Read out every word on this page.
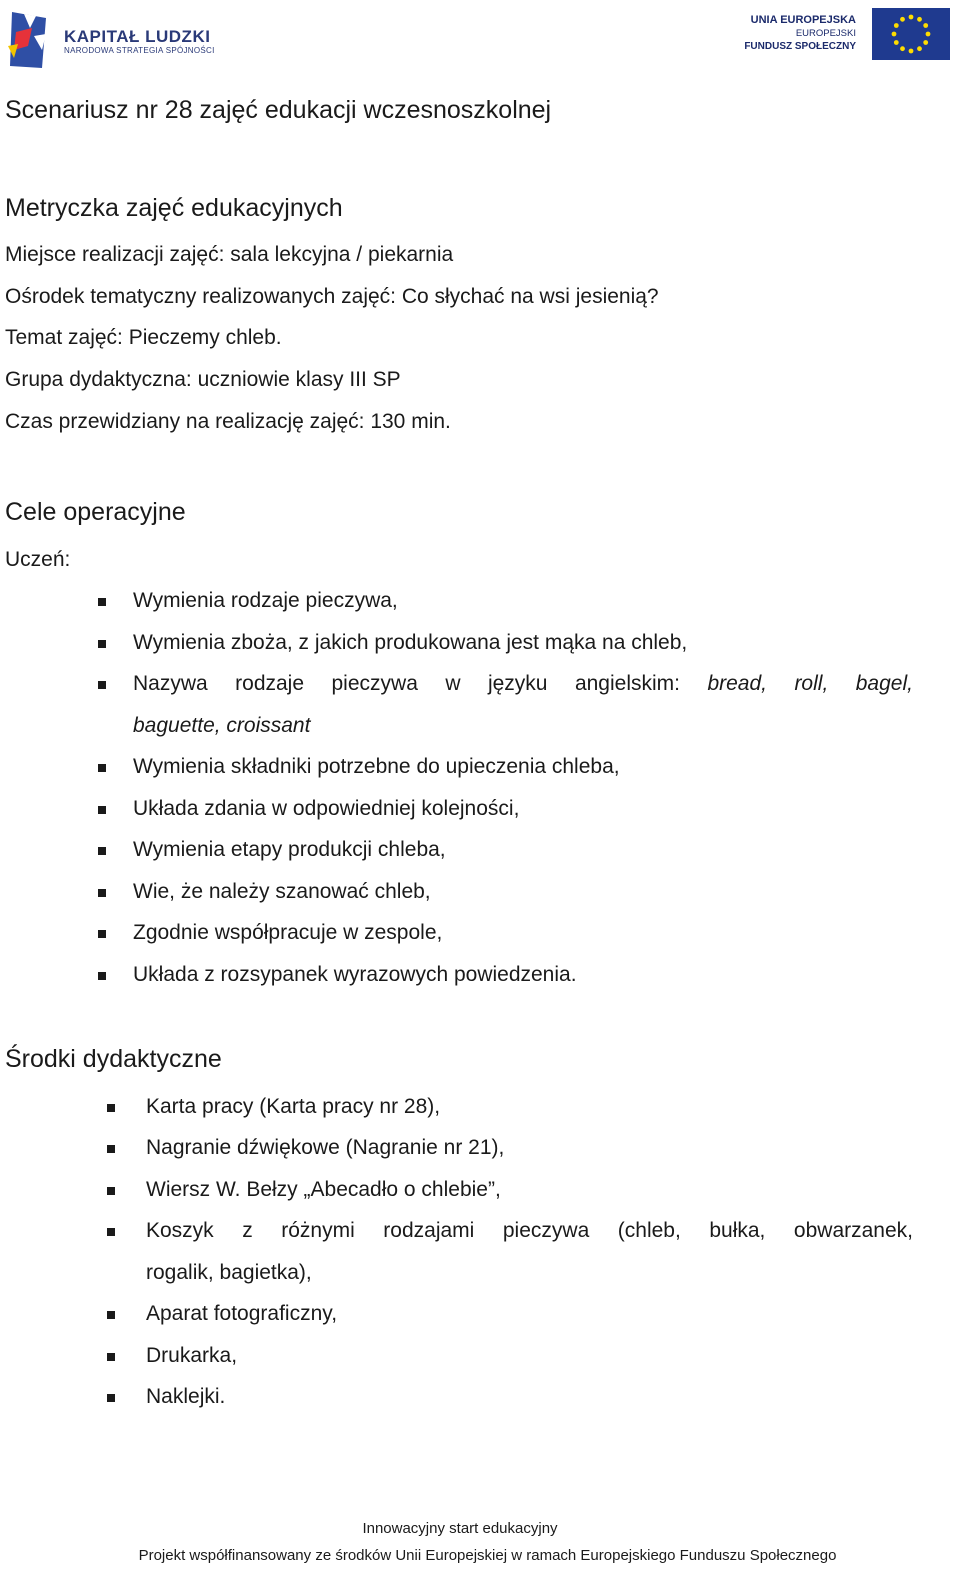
KAPITAŁ LUDZKI
NARODOWA STRATEGIA SPÓJNOŚCI
UNIA EUROPEJSKA
EUROPEJSKI
FUNDUSZ SPOŁECZNY
Scenariusz nr 28 zajęć edukacji wczesnoszkolnej
Metryczka zajęć edukacyjnych
Miejsce realizacji zajęć: sala lekcyjna / piekarnia
Ośrodek tematyczny realizowanych zajęć: Co słychać na wsi jesienią?
Temat zajęć: Pieczemy chleb.
Grupa dydaktyczna: uczniowie klasy III SP
Czas przewidziany na realizację zajęć: 130 min.
Cele operacyjne
Uczeń:
Wymienia rodzaje pieczywa,
Wymienia zboża, z jakich produkowana jest mąka na chleb,
Nazywa rodzaje pieczywa w języku angielskim: bread, roll, bagel,
baguette, croissant
Wymienia składniki potrzebne do upieczenia chleba,
Układa zdania w odpowiedniej kolejności,
Wymienia etapy produkcji chleba,
Wie, że należy szanować chleb,
Zgodnie współpracuje w zespole,
Układa z rozsypanek wyrazowych powiedzenia.
Środki dydaktyczne
Karta pracy (Karta pracy nr 28),
Nagranie dźwiękowe (Nagranie nr 21),
Wiersz W. Bełzy „Abecadło o chlebie”,
Koszyk z różnymi rodzajami pieczywa (chleb, bułka, obwarzanek,
rogalik, bagietka),
Aparat fotograficzny,
Drukarka,
Naklejki.
Innowacyjny start edukacyjny
Projekt współfinansowany ze środków Unii Europejskiej w ramach Europejskiego Funduszu Społecznego
